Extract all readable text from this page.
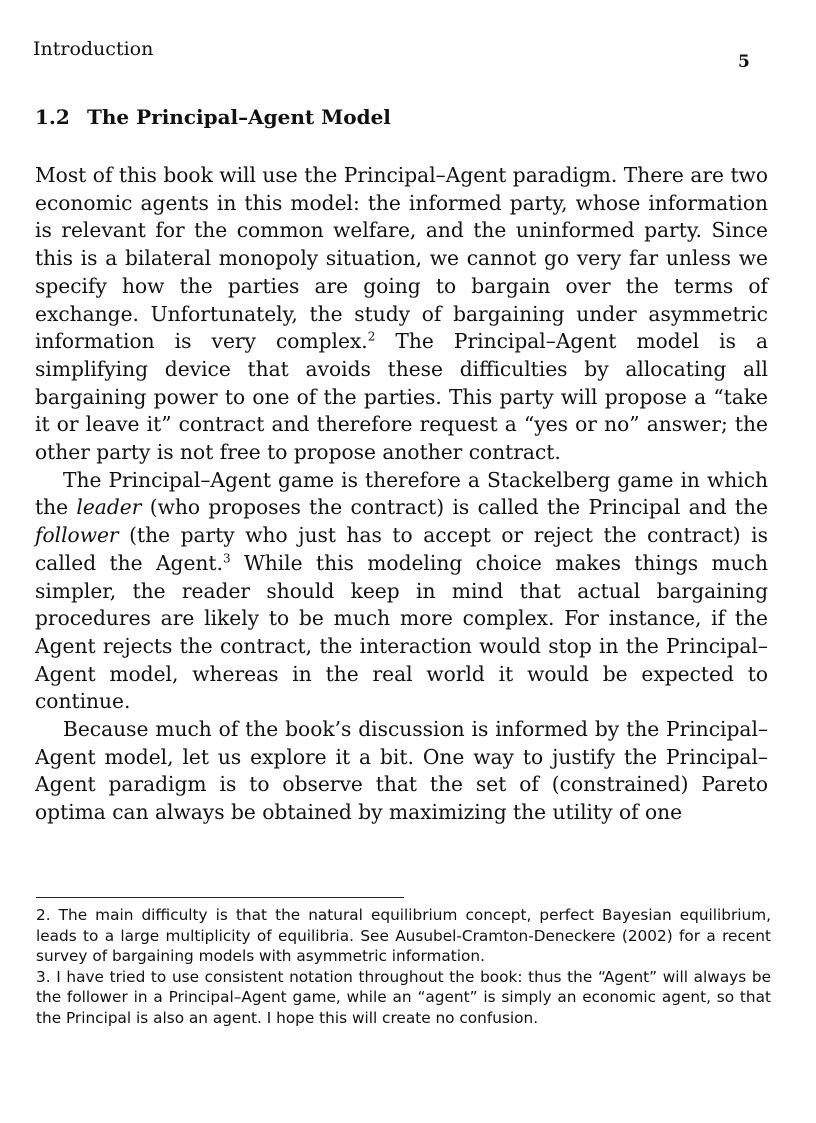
Introduction
5
1.2 The Principal–Agent Model

Most of this book will use the Principal–Agent paradigm. There are two economic agents in this model: the informed party, whose information is relevant for the common welfare, and the uninformed party. Since this is a bilateral monopoly situation, we cannot go very far unless we specify how the parties are going to bargain over the terms of exchange. Unfortunately, the study of bargaining under asymmetric information is very complex.$^2$ The Principal–Agent model is a simplifying device that avoids these difficulties by allocating all bargaining power to one of the parties. This party will propose a “take it or leave it” contract and therefore request a “yes or no” answer; the other party is not free to propose another contract.

The Principal–Agent game is therefore a Stackelberg game in which the leader (who proposes the contract) is called the Principal and the follower (the party who just has to accept or reject the contract) is called the Agent.$^3$ While this modeling choice makes things much simpler, the reader should keep in mind that actual bargaining procedures are likely to be much more complex. For instance, if the Agent rejects the contract, the interaction would stop in the Principal–Agent model, whereas in the real world it would be expected to continue.

Because much of the book’s discussion is informed by the Principal–Agent model, let us explore it a bit. One way to justify the Principal–Agent paradigm is to observe that the set of (constrained) Pareto optima can always be obtained by maximizing the utility of one

2. The main difficulty is that the natural equilibrium concept, perfect Bayesian equilibrium, leads to a large multiplicity of equilibria. See Ausubel-Cramton-Deneckere (2002) for a recent survey of bargaining models with asymmetric information.

3. I have tried to use consistent notation throughout the book: thus the “Agent” will always be the follower in a Principal–Agent game, while an “agent” is simply an economic agent, so that the Principal is also an agent. I hope this will create no confusion.
